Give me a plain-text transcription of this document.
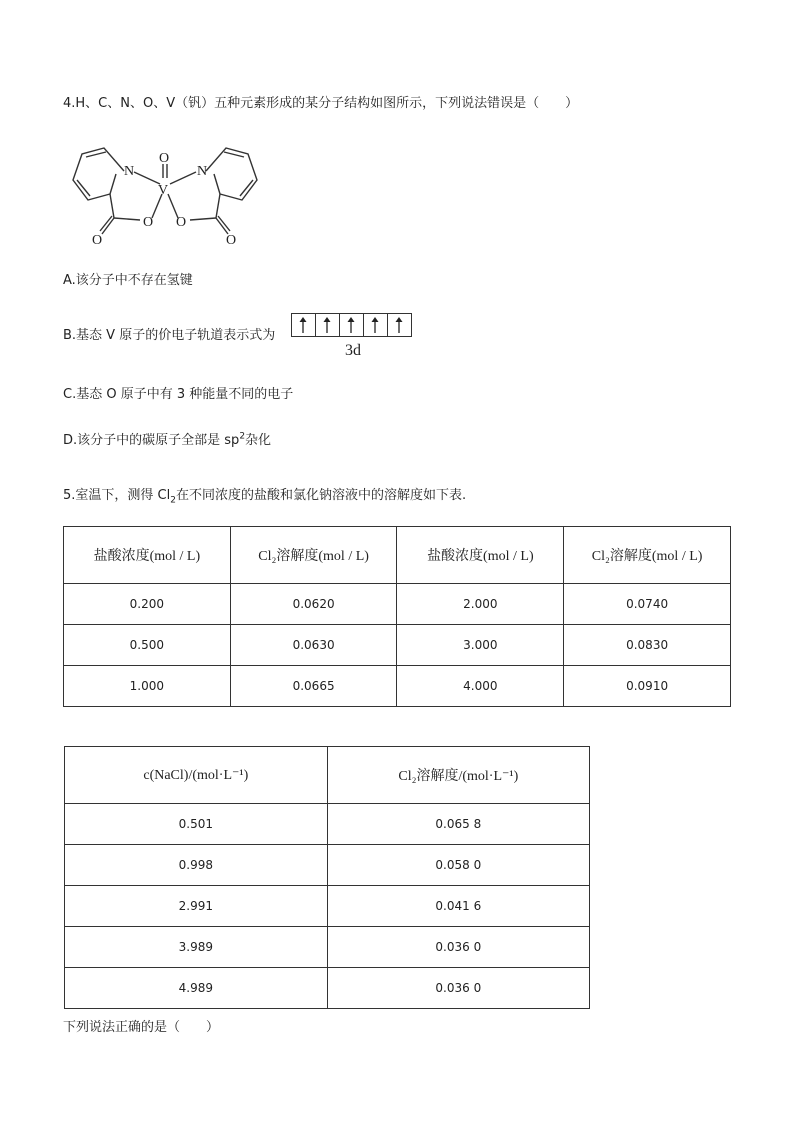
4.H、C、N、O、V（钒）五种元素形成的某分子结构如图所示，下列说法错误是（　　）
O
V
N	N
O O
O	O
A.该分子中不存在氢键
B.基态 V 原子的价电子轨道表示式为
3d
C.基态 O 原子中有 3 种能量不同的电子
D.该分子中的碳原子全部是 $sp^2$杂化
5.室温下，测得 $Cl_2$在不同浓度的盐酸和氯化钠溶液中的溶解度如下表.
盐酸浓度(mol / L)	Cl₂溶解度(mol / L)	盐酸浓度(mol / L)	Cl₂溶解度(mol / L)
0.200	0.0620	2.000	0.0740
0.500	0.0630	3.000	0.0830
1.000	0.0665	4.000	0.0910
c(NaCl)/(mol·L⁻¹)	Cl₂溶解度/(mol·L⁻¹)
0.501	0.065 8
0.998	0.058 0
2.991	0.041 6
3.989	0.036 0
4.989	0.036 0
下列说法正确的是（　　）
